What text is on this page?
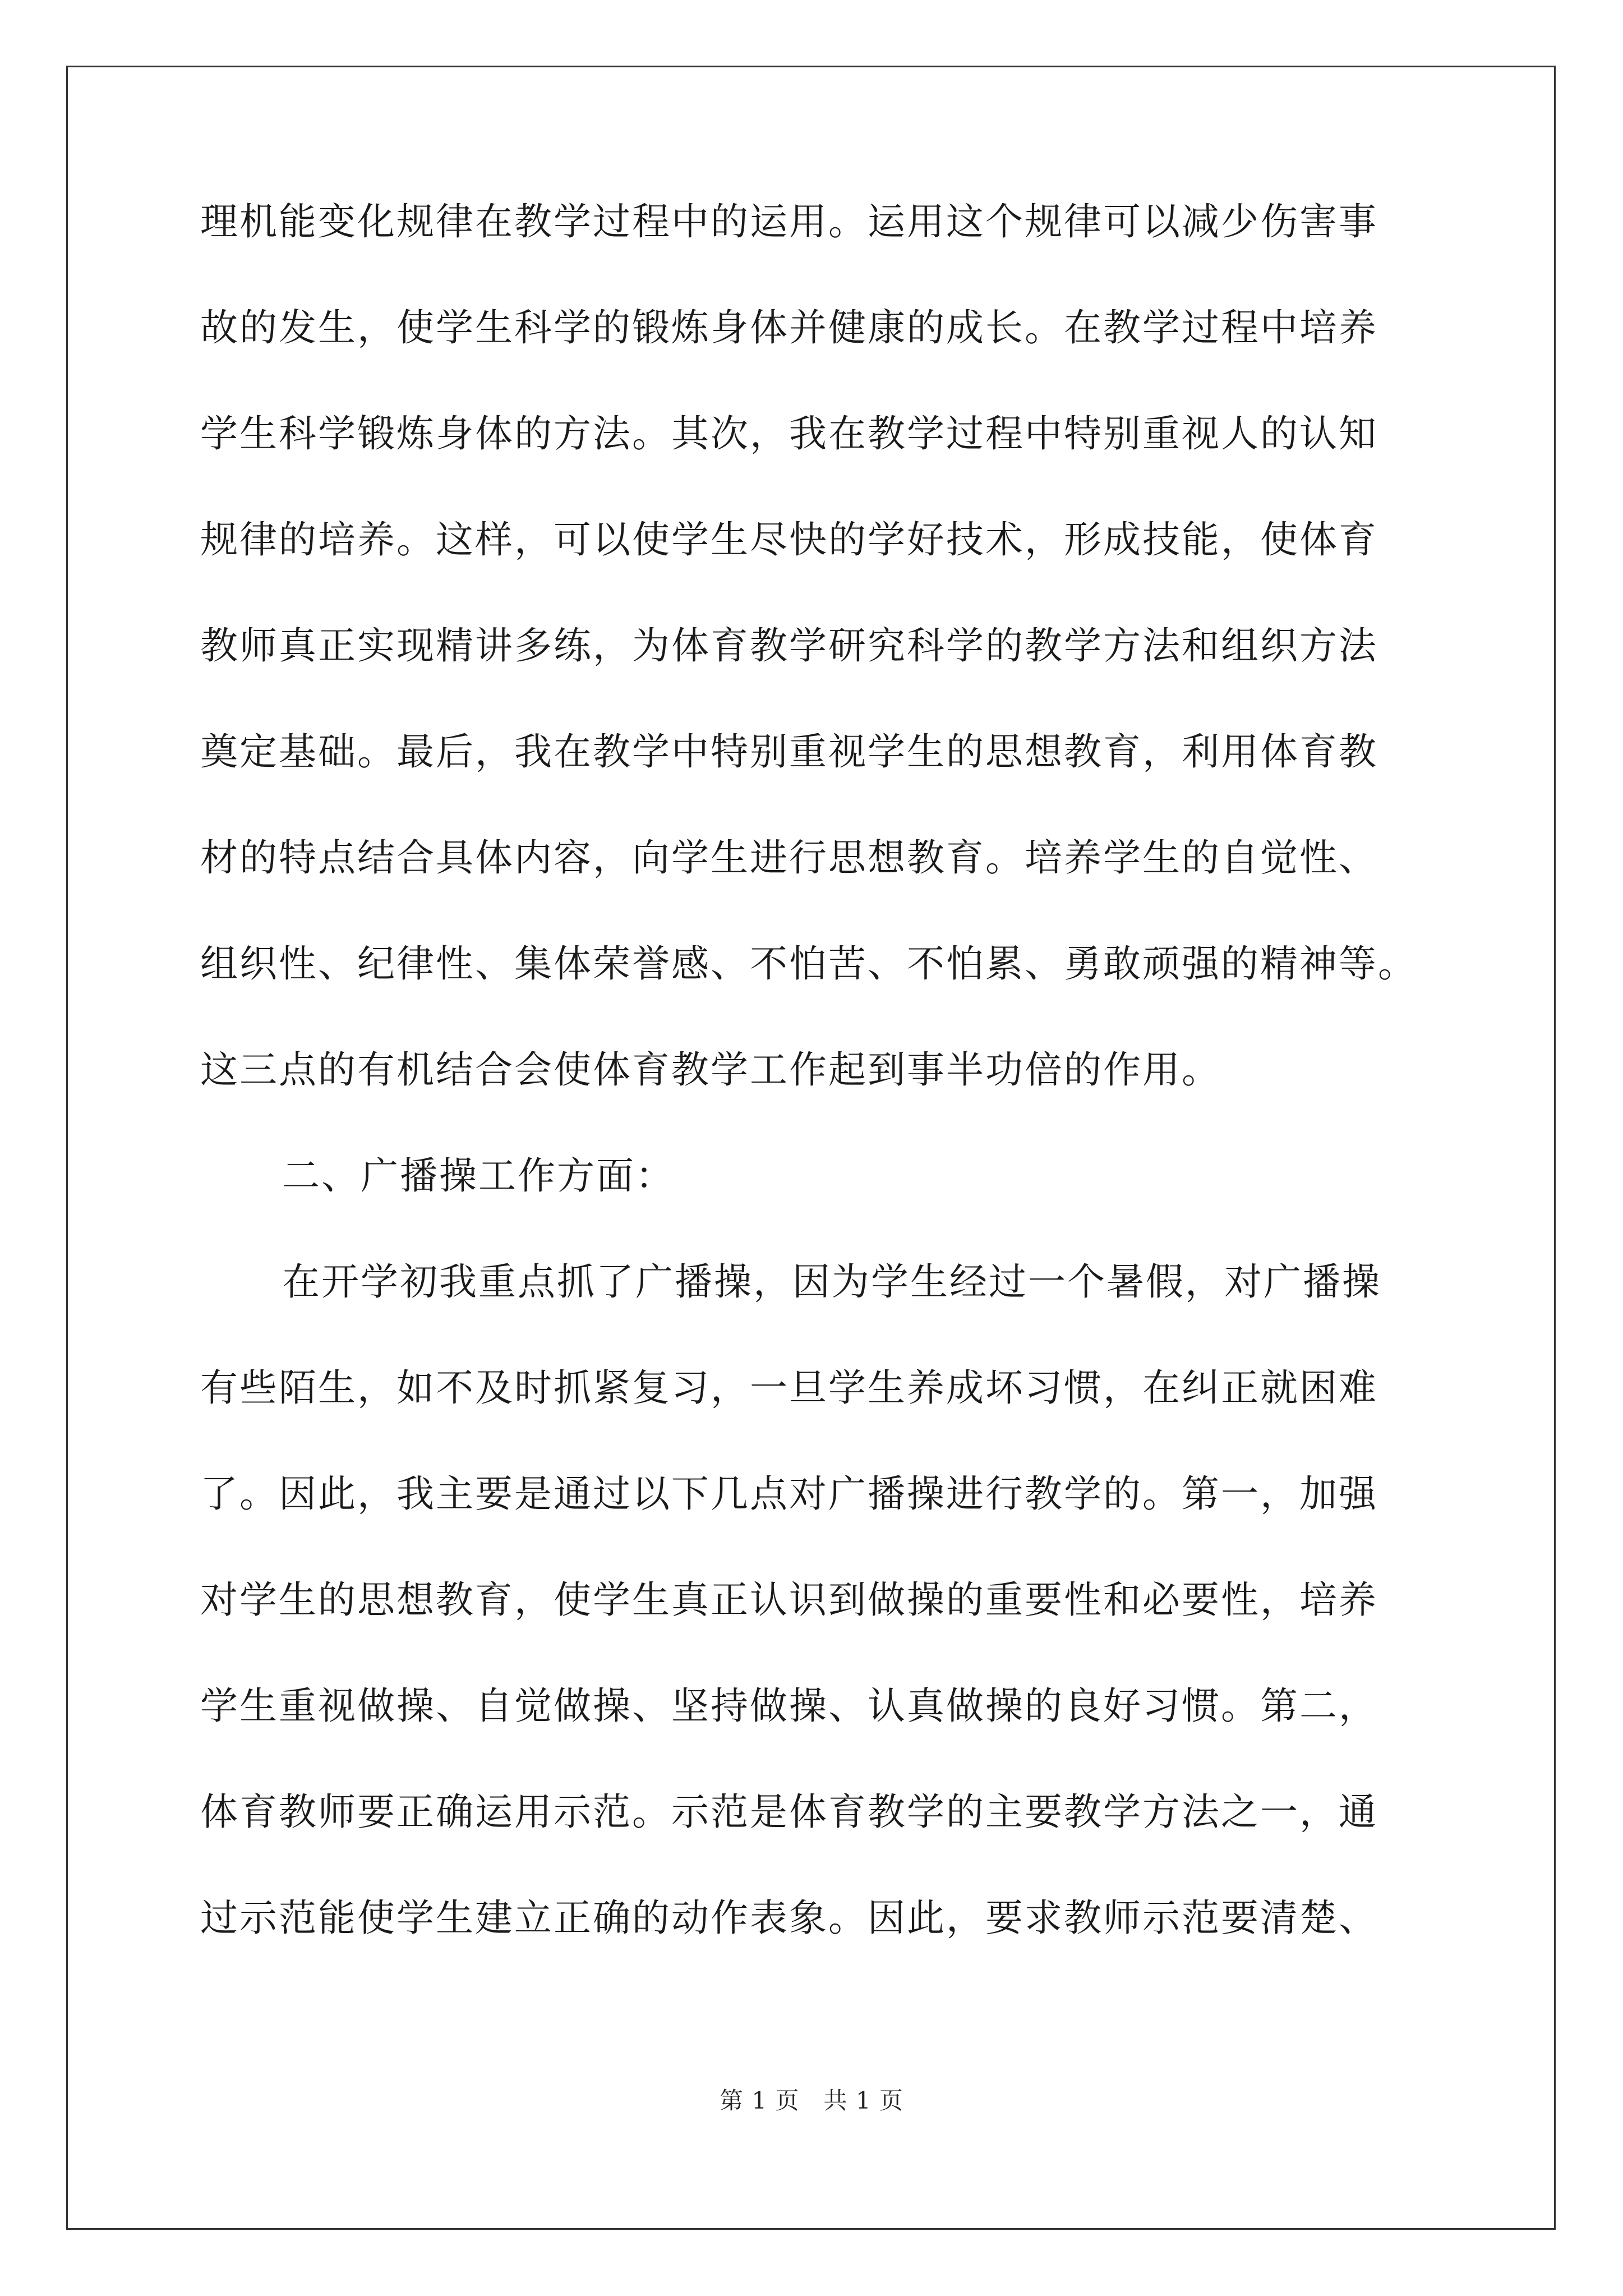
理机能变化规律在教学过程中的运用。运用这个规律可以减少伤害事
故的发生，使学生科学的锻炼身体并健康的成长。在教学过程中培养
学生科学锻炼身体的方法。其次，我在教学过程中特别重视人的认知
规律的培养。这样，可以使学生尽快的学好技术，形成技能，使体育
教师真正实现精讲多练，为体育教学研究科学的教学方法和组织方法
奠定基础。最后，我在教学中特别重视学生的思想教育，利用体育教
材的特点结合具体内容，向学生进行思想教育。培养学生的自觉性、
组织性、纪律性、集体荣誉感、不怕苦、不怕累、勇敢顽强的精神等。
这三点的有机结合会使体育教学工作起到事半功倍的作用。
二、广播操工作方面：
在开学初我重点抓了广播操，因为学生经过一个暑假，对广播操
有些陌生，如不及时抓紧复习，一旦学生养成坏习惯，在纠正就困难
了。因此，我主要是通过以下几点对广播操进行教学的。第一，加强
对学生的思想教育，使学生真正认识到做操的重要性和必要性，培养
学生重视做操、自觉做操、坚持做操、认真做操的良好习惯。第二，
体育教师要正确运用示范。示范是体育教学的主要教学方法之一，通
过示范能使学生建立正确的动作表象。因此，要求教师示范要清楚、
第 1 页 共 1 页
